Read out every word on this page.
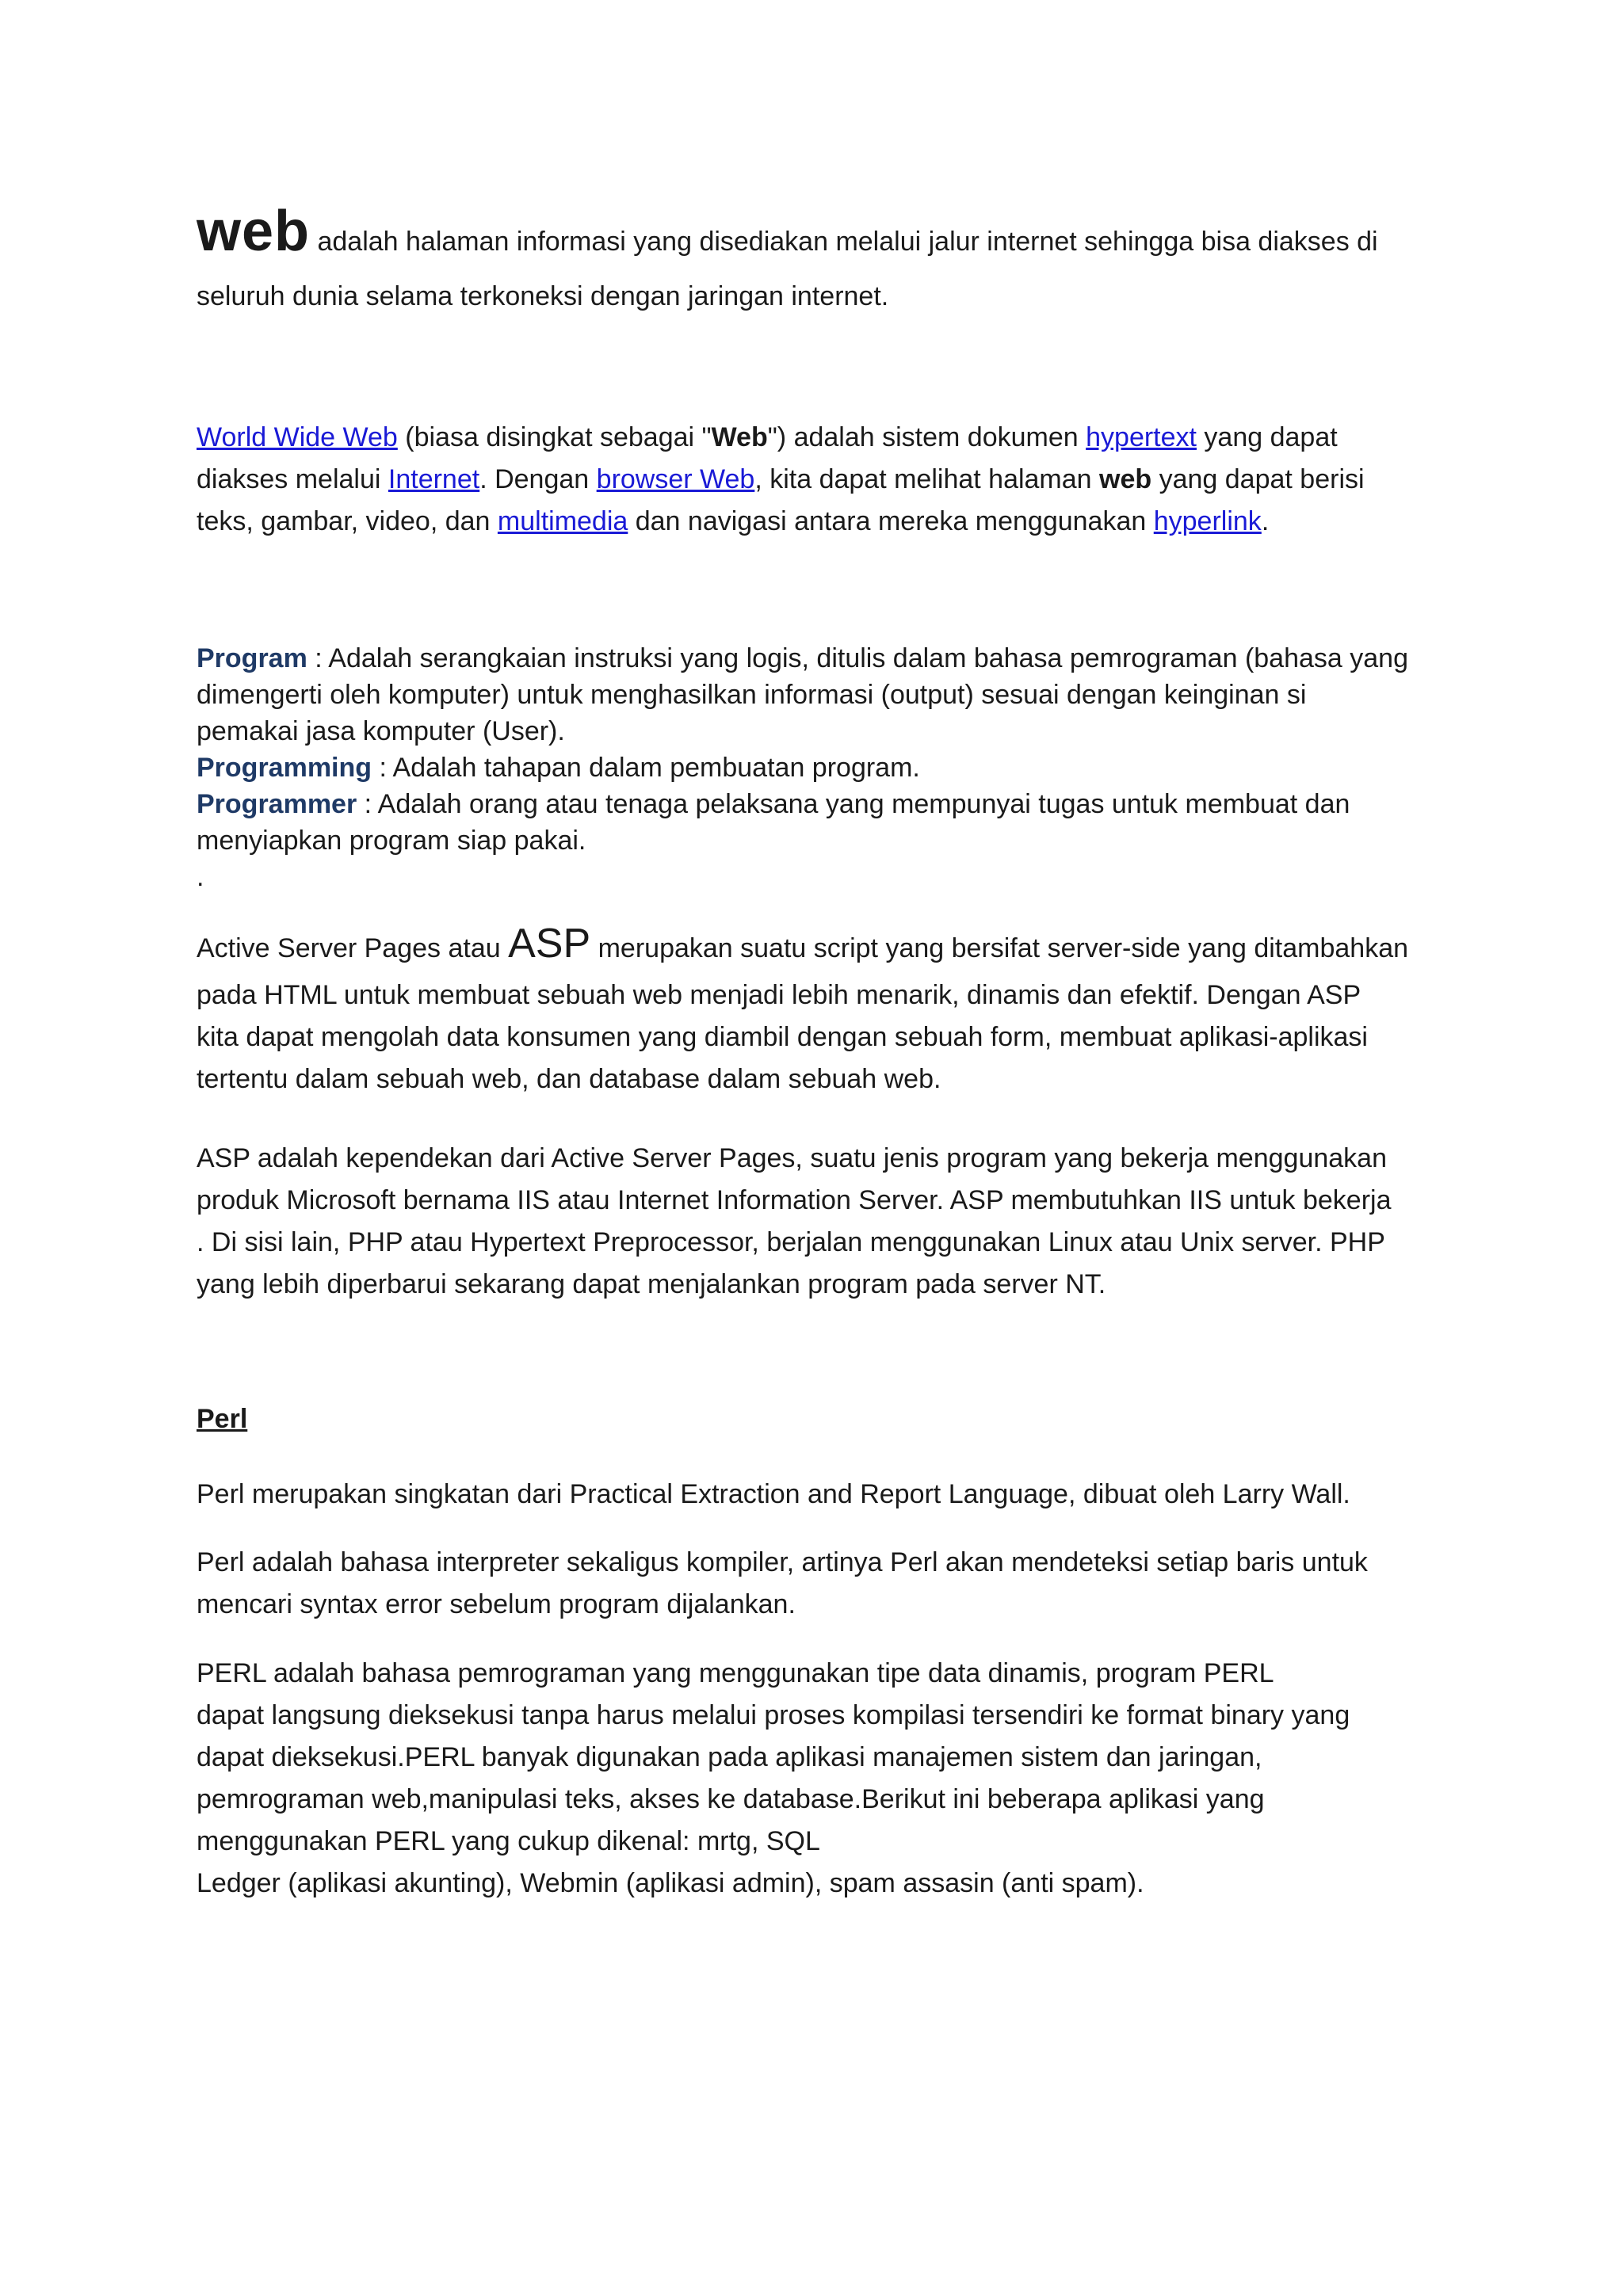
web adalah halaman informasi yang disediakan melalui jalur internet sehingga bisa diakses di

seluruh dunia selama terkoneksi dengan jaringan internet.

World Wide Web (biasa disingkat sebagai "Web") adalah sistem dokumen hypertext yang dapat

diakses melalui Internet. Dengan browser Web, kita dapat melihat halaman web yang dapat berisi

teks, gambar, video, dan multimedia dan navigasi antara mereka menggunakan hyperlink.

Program : Adalah serangkaian instruksi yang logis, ditulis dalam bahasa pemrograman (bahasa yang

dimengerti oleh komputer) untuk menghasilkan informasi (output) sesuai dengan keinginan si

pemakai jasa komputer (User).

Programming : Adalah tahapan dalam pembuatan program.

Programmer : Adalah orang atau tenaga pelaksana yang mempunyai tugas untuk membuat dan

menyiapkan program siap pakai.

.

Active Server Pages atau ASP merupakan suatu script yang bersifat server-side yang ditambahkan

pada HTML untuk membuat sebuah web menjadi lebih menarik, dinamis dan efektif. Dengan ASP

kita dapat mengolah data konsumen yang diambil dengan sebuah form, membuat aplikasi-aplikasi

tertentu dalam sebuah web, dan database dalam sebuah web.

ASP adalah kependekan dari Active Server Pages, suatu jenis program yang bekerja menggunakan

produk Microsoft bernama IIS atau Internet Information Server. ASP membutuhkan IIS untuk bekerja

. Di sisi lain, PHP atau Hypertext Preprocessor, berjalan menggunakan Linux atau Unix server. PHP

yang lebih diperbarui sekarang dapat menjalankan program pada server NT.

Perl

Perl merupakan singkatan dari Practical Extraction and Report Language, dibuat oleh Larry Wall.

Perl adalah bahasa interpreter sekaligus kompiler, artinya Perl akan mendeteksi setiap baris untuk

mencari syntax error sebelum program dijalankan.

PERL adalah bahasa pemrograman yang menggunakan tipe data dinamis, program PERL

dapat langsung dieksekusi tanpa harus melalui proses kompilasi tersendiri ke format binary yang

dapat dieksekusi.PERL banyak digunakan pada aplikasi manajemen sistem dan jaringan,

pemrograman web,manipulasi teks, akses ke database.Berikut ini beberapa aplikasi yang

menggunakan PERL yang cukup dikenal: mrtg, SQL

Ledger (aplikasi akunting), Webmin (aplikasi admin), spam assasin (anti spam).
